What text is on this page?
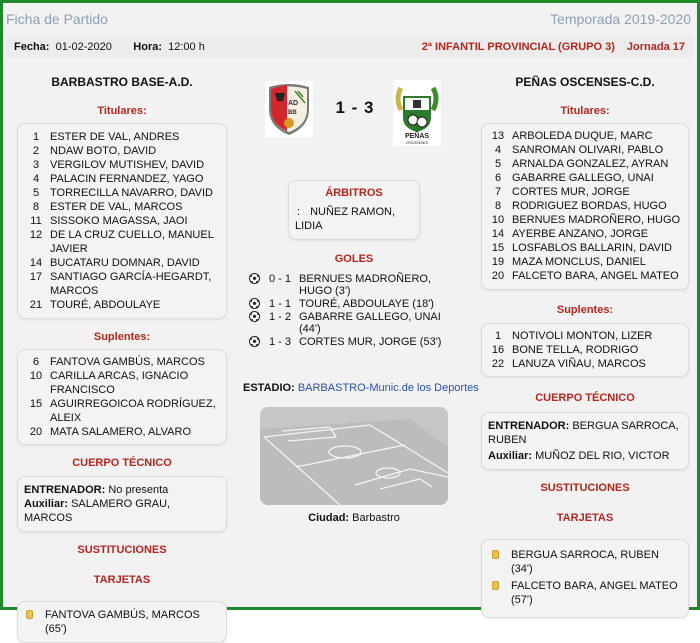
Ficha de Partido	Temporada 2019-2020
Fecha: 01-02-2020 Hora: 12:00 h	2ª INFANTIL PROVINCIAL (GRUPO 3) Jornada 17
BARBASTRO BASE-A.D.
Titulares:
1 ESTER DE VAL, ANDRES
2 NDAW BOTO, DAVID
3 VERGILOV MUTISHEV, DAVID
4 PALACIN FERNANDEZ, YAGO
5 TORRECILLA NAVARRO, DAVID
8 ESTER DE VAL, MARCOS
11 SISSOKO MAGASSA, JAOI
12 DE LA CRUZ CUELLO, MANUEL JAVIER
14 BUCATARU DOMNAR, DAVID
17 SANTIAGO GARCÍA-HEGARDT, MARCOS
21 TOURÉ, ABDOULAYE
Suplentes:
6 FANTOVA GAMBÚS, MARCOS
10 CARILLA ARCAS, IGNACIO FRANCISCO
15 AGUIRREGOICOA RODRÍGUEZ, ALEIX
20 MATA SALAMERO, ALVARO
CUERPO TÉCNICO
ENTRENADOR: No presenta
Auxiliar: SALAMERO GRAU, MARCOS
SUSTITUCIONES
TARJETAS
FANTOVA GAMBÚS, MARCOS (65')
AD
BB	1 - 3
PEÑAS
OSCENSES
ÁRBITROS
: NUÑEZ RAMON, LIDIA
GOLES
0 - 1 BERNUES MADROÑERO, HUGO (3')
1 - 1 TOURÉ, ABDOULAYE (18')
1 - 2 GABARRE GALLEGO, UNAI (44')
1 - 3 CORTES MUR, JORGE (53')
ESTADIO: BARBASTRO-Munic.de los Deportes
Ciudad: Barbastro
PEÑAS OSCENSES-C.D.
Titulares:
13 ARBOLEDA DUQUE, MARC
4 SANROMAN OLIVARI, PABLO
5 ARNALDA GONZALEZ, AYRAN
6 GABARRE GALLEGO, UNAI
7 CORTES MUR, JORGE
8 RODRIGUEZ BORDAS, HUGO
10 BERNUES MADROÑERO, HUGO
14 AYERBE ANZANO, JORGE
15 LOSFABLOS BALLARIN, DAVID
19 MAZA MONCLUS, DANIEL
20 FALCETO BARA, ANGEL MATEO
Suplentes:
1 NOTIVOLI MONTON, LIZER
16 BONE TELLA, RODRIGO
22 LANUZA VIÑAU, MARCOS
CUERPO TÉCNICO
ENTRENADOR: BERGUA SARROCA, RUBEN
Auxiliar: MUÑOZ DEL RIO, VICTOR
SUSTITUCIONES
TARJETAS
BERGUA SARROCA, RUBEN (34')
FALCETO BARA, ANGEL MATEO (57')
